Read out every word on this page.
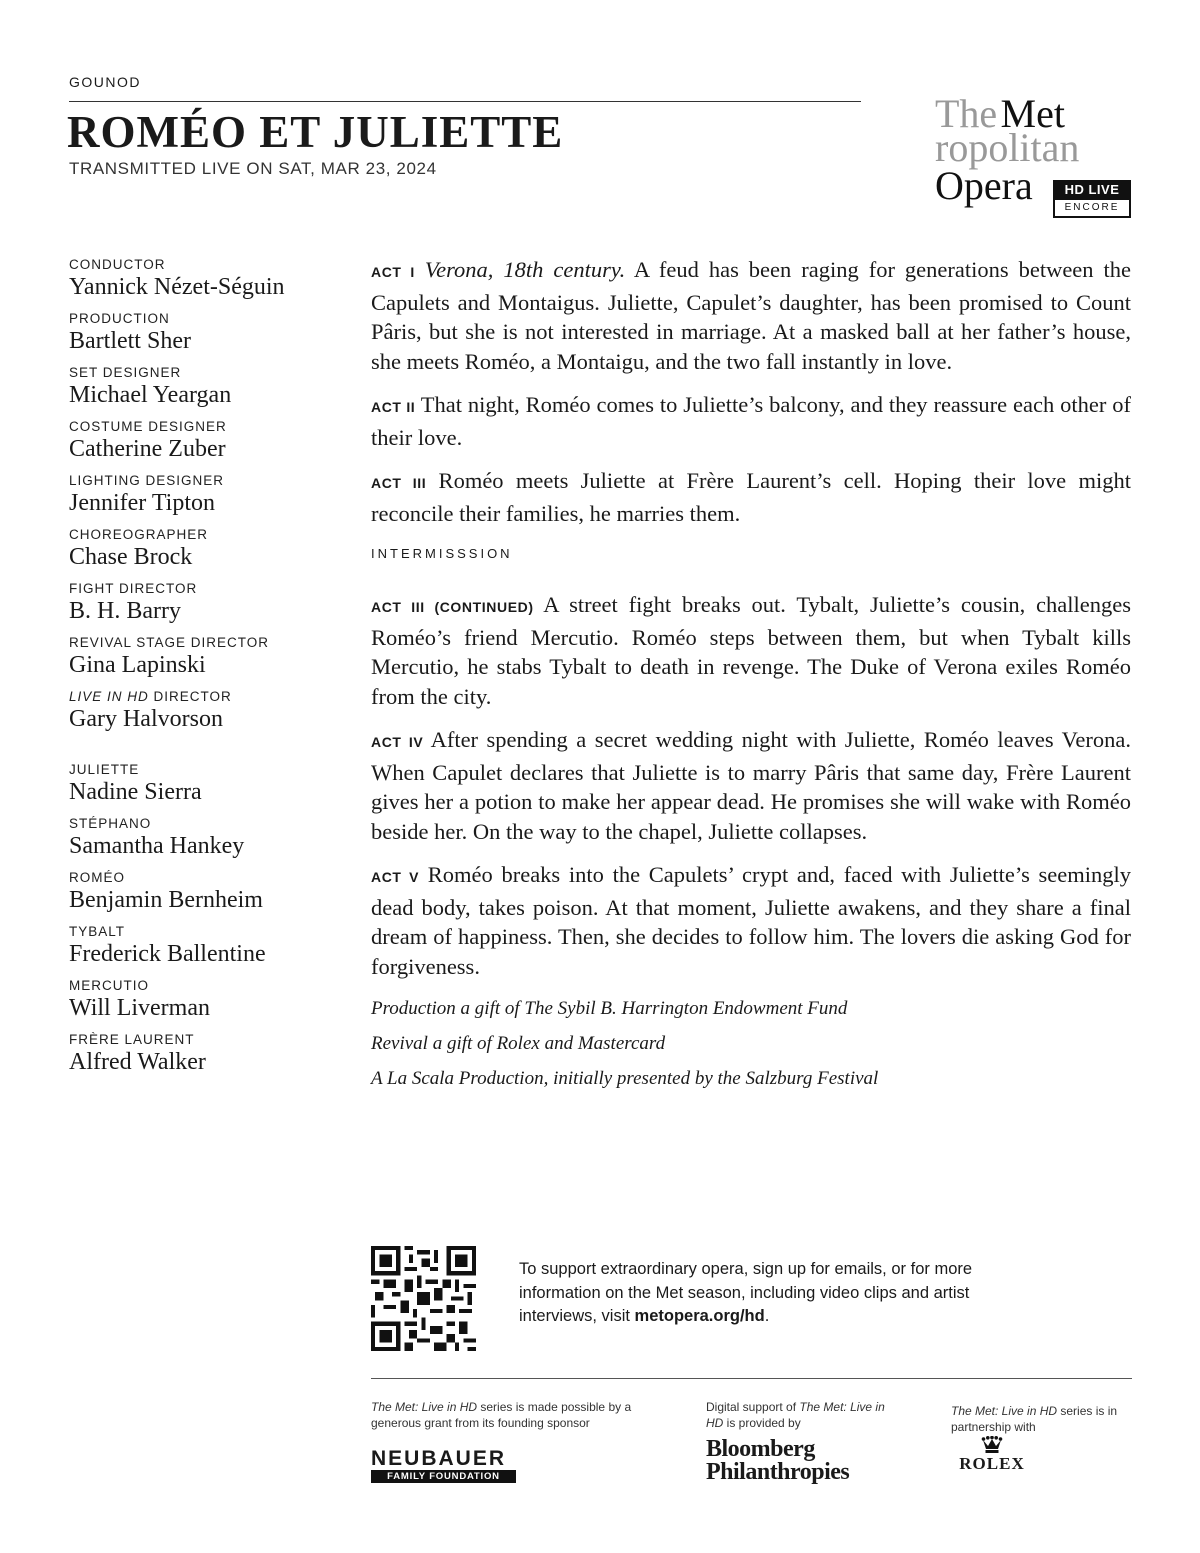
GOUNOD
ROMÉO ET JULIETTE
TRANSMITTED LIVE ON SAT, MAR 23, 2024
The Met
ropolitan
Opera	HD LIVE
ENCORE
CONDUCTOR
Yannick Nézet-Séguin
PRODUCTION
Bartlett Sher
SET DESIGNER
Michael Yeargan
COSTUME DESIGNER
Catherine Zuber
LIGHTING DESIGNER
Jennifer Tipton
CHOREOGRAPHER
Chase Brock
FIGHT DIRECTOR
B. H. Barry
REVIVAL STAGE DIRECTOR
Gina Lapinski
LIVE IN HD DIRECTOR
Gary Halvorson
JULIETTE
Nadine Sierra
STÉPHANO
Samantha Hankey
ROMÉO
Benjamin Bernheim
TYBALT
Frederick Ballentine
MERCUTIO
Will Liverman
FRÈRE LAURENT
Alfred Walker

ACT I Verona, 18th century. A feud has been raging for generations between the Capulets and Montaigus. Juliette, Capulet’s daughter, has been promised to Count Pâris, but she is not interested in marriage. At a masked ball at her father’s house, she meets Roméo, a Montaigu, and the two fall instantly in love.

ACT II That night, Roméo comes to Juliette’s balcony, and they reassure each other of their love.

ACT III Roméo meets Juliette at Frère Laurent’s cell. Hoping their love might reconcile their families, he marries them.

INTERMISSSION

ACT III (CONTINUED) A street fight breaks out. Tybalt, Juliette’s cousin, challenges Roméo’s friend Mercutio. Roméo steps between them, but when Tybalt kills Mercutio, he stabs Tybalt to death in revenge. The Duke of Verona exiles Roméo from the city.

ACT IV After spending a secret wedding night with Juliette, Roméo leaves Verona. When Capulet declares that Juliette is to marry Pâris that same day, Frère Laurent gives her a potion to make her appear dead. He promises she will wake with Roméo beside her. On the way to the chapel, Juliette collapses.

ACT V Roméo breaks into the Capulets’ crypt and, faced with Juliette’s seemingly dead body, takes poison. At that moment, Juliette awakens, and they share a final dream of happiness. Then, she decides to follow him. The lovers die asking God for forgiveness.

Production a gift of The Sybil B. Harrington Endowment Fund
Revival a gift of Rolex and Mastercard
A La Scala Production, initially presented by the Salzburg Festival
To support extraordinary opera, sign up for emails, or for more information on the Met season, including video clips and artist interviews, visit metopera.org/hd.
The Met: Live in HD series is made possible by a generous grant from its founding sponsor
Digital support of The Met: Live in HD is provided by
The Met: Live in HD series is in partnership with
NEUBAUER
FAMILY FOUNDATION
Bloomberg
Philanthropies	ROLEX
